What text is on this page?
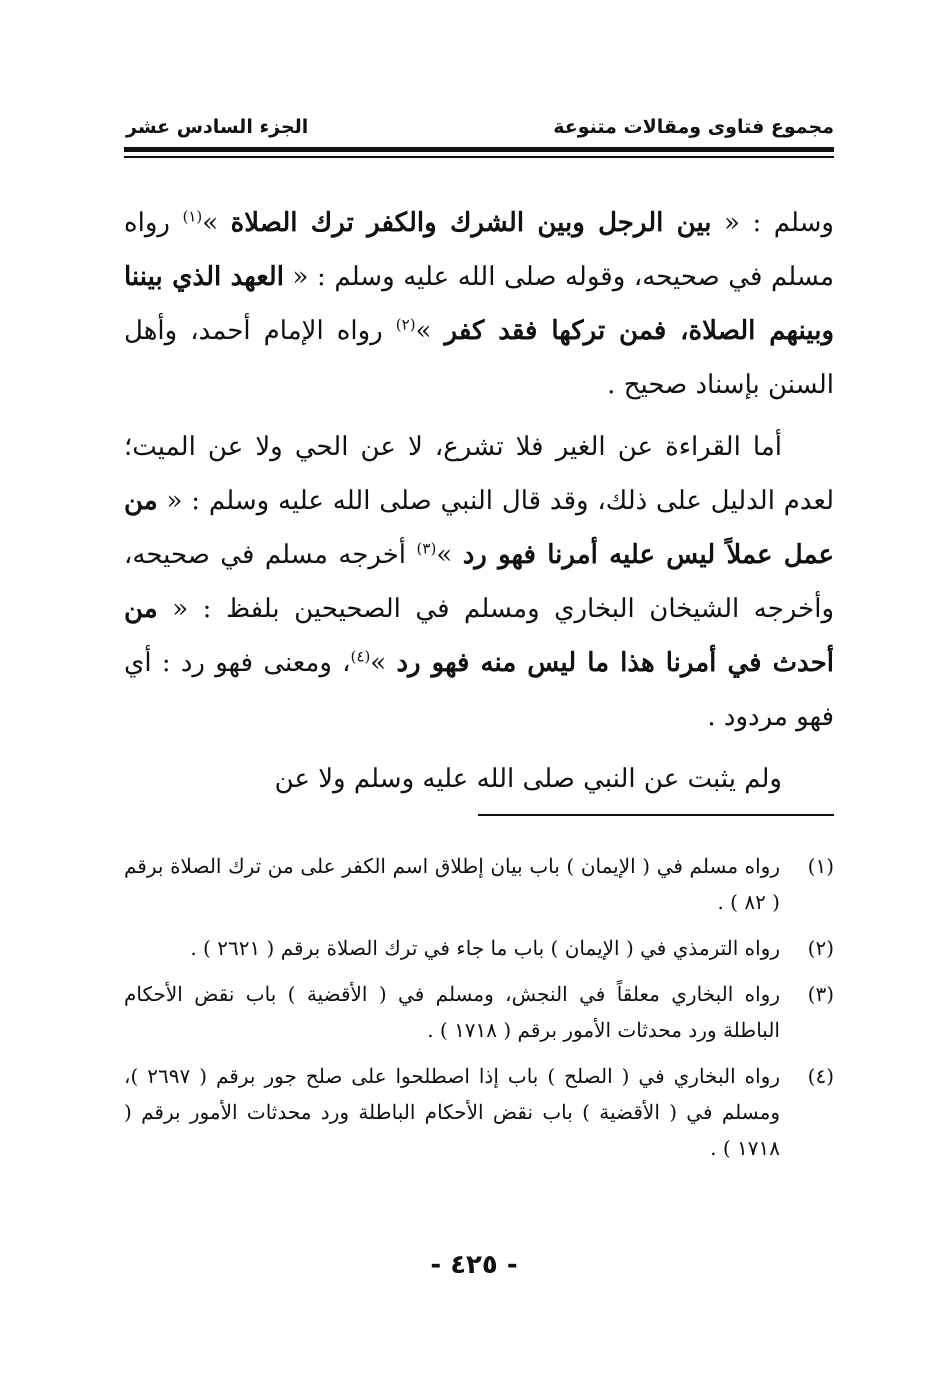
مجموع فتاوى ومقالات متنوعة
الجزء السادس عشر

وسلم : « بين الرجل وبين الشرك والكفر ترك الصلاة »$^{(١)}$ رواه مسلم في صحيحه، وقوله صلى الله عليه وسلم : « العهد الذي بيننا وبينهم الصلاة، فمن تركها فقد كفر »$^{(٢)}$ رواه الإمام أحمد، وأهل السنن بإسناد صحيح .

أما القراءة عن الغير فلا تشرع، لا عن الحي ولا عن الميت؛ لعدم الدليل على ذلك، وقد قال النبي صلى الله عليه وسلم : « من عمل عملاً ليس عليه أمرنا فهو رد »$^{(٣)}$ أخرجه مسلم في صحيحه، وأخرجه الشيخان البخاري ومسلم في الصحيحين بلفظ : « من أحدث في أمرنا هذا ما ليس منه فهو رد »$^{(٤)}$، ومعنى فهو رد : أي فهو مردود .

ولم يثبت عن النبي صلى الله عليه وسلم ولا عن

(١)
رواه مسلم في ( الإيمان ) باب بيان إطلاق اسم الكفر على من ترك الصلاة برقم ( ٨٢ ) .
(٢)
رواه الترمذي في ( الإيمان ) باب ما جاء في ترك الصلاة برقم ( ٢٦٢١ ) .
(٣)
رواه البخاري معلقاً في النجش، ومسلم في ( الأقضية ) باب نقض الأحكام الباطلة ورد محدثات الأمور برقم ( ١٧١٨ ) .
(٤)
رواه البخاري في ( الصلح ) باب إذا اصطلحوا على صلح جور برقم ( ٢٦٩٧ )، ومسلم في ( الأقضية ) باب نقض الأحكام الباطلة ورد محدثات الأمور برقم ( ١٧١٨ ) .
- ٤٢٥ -
